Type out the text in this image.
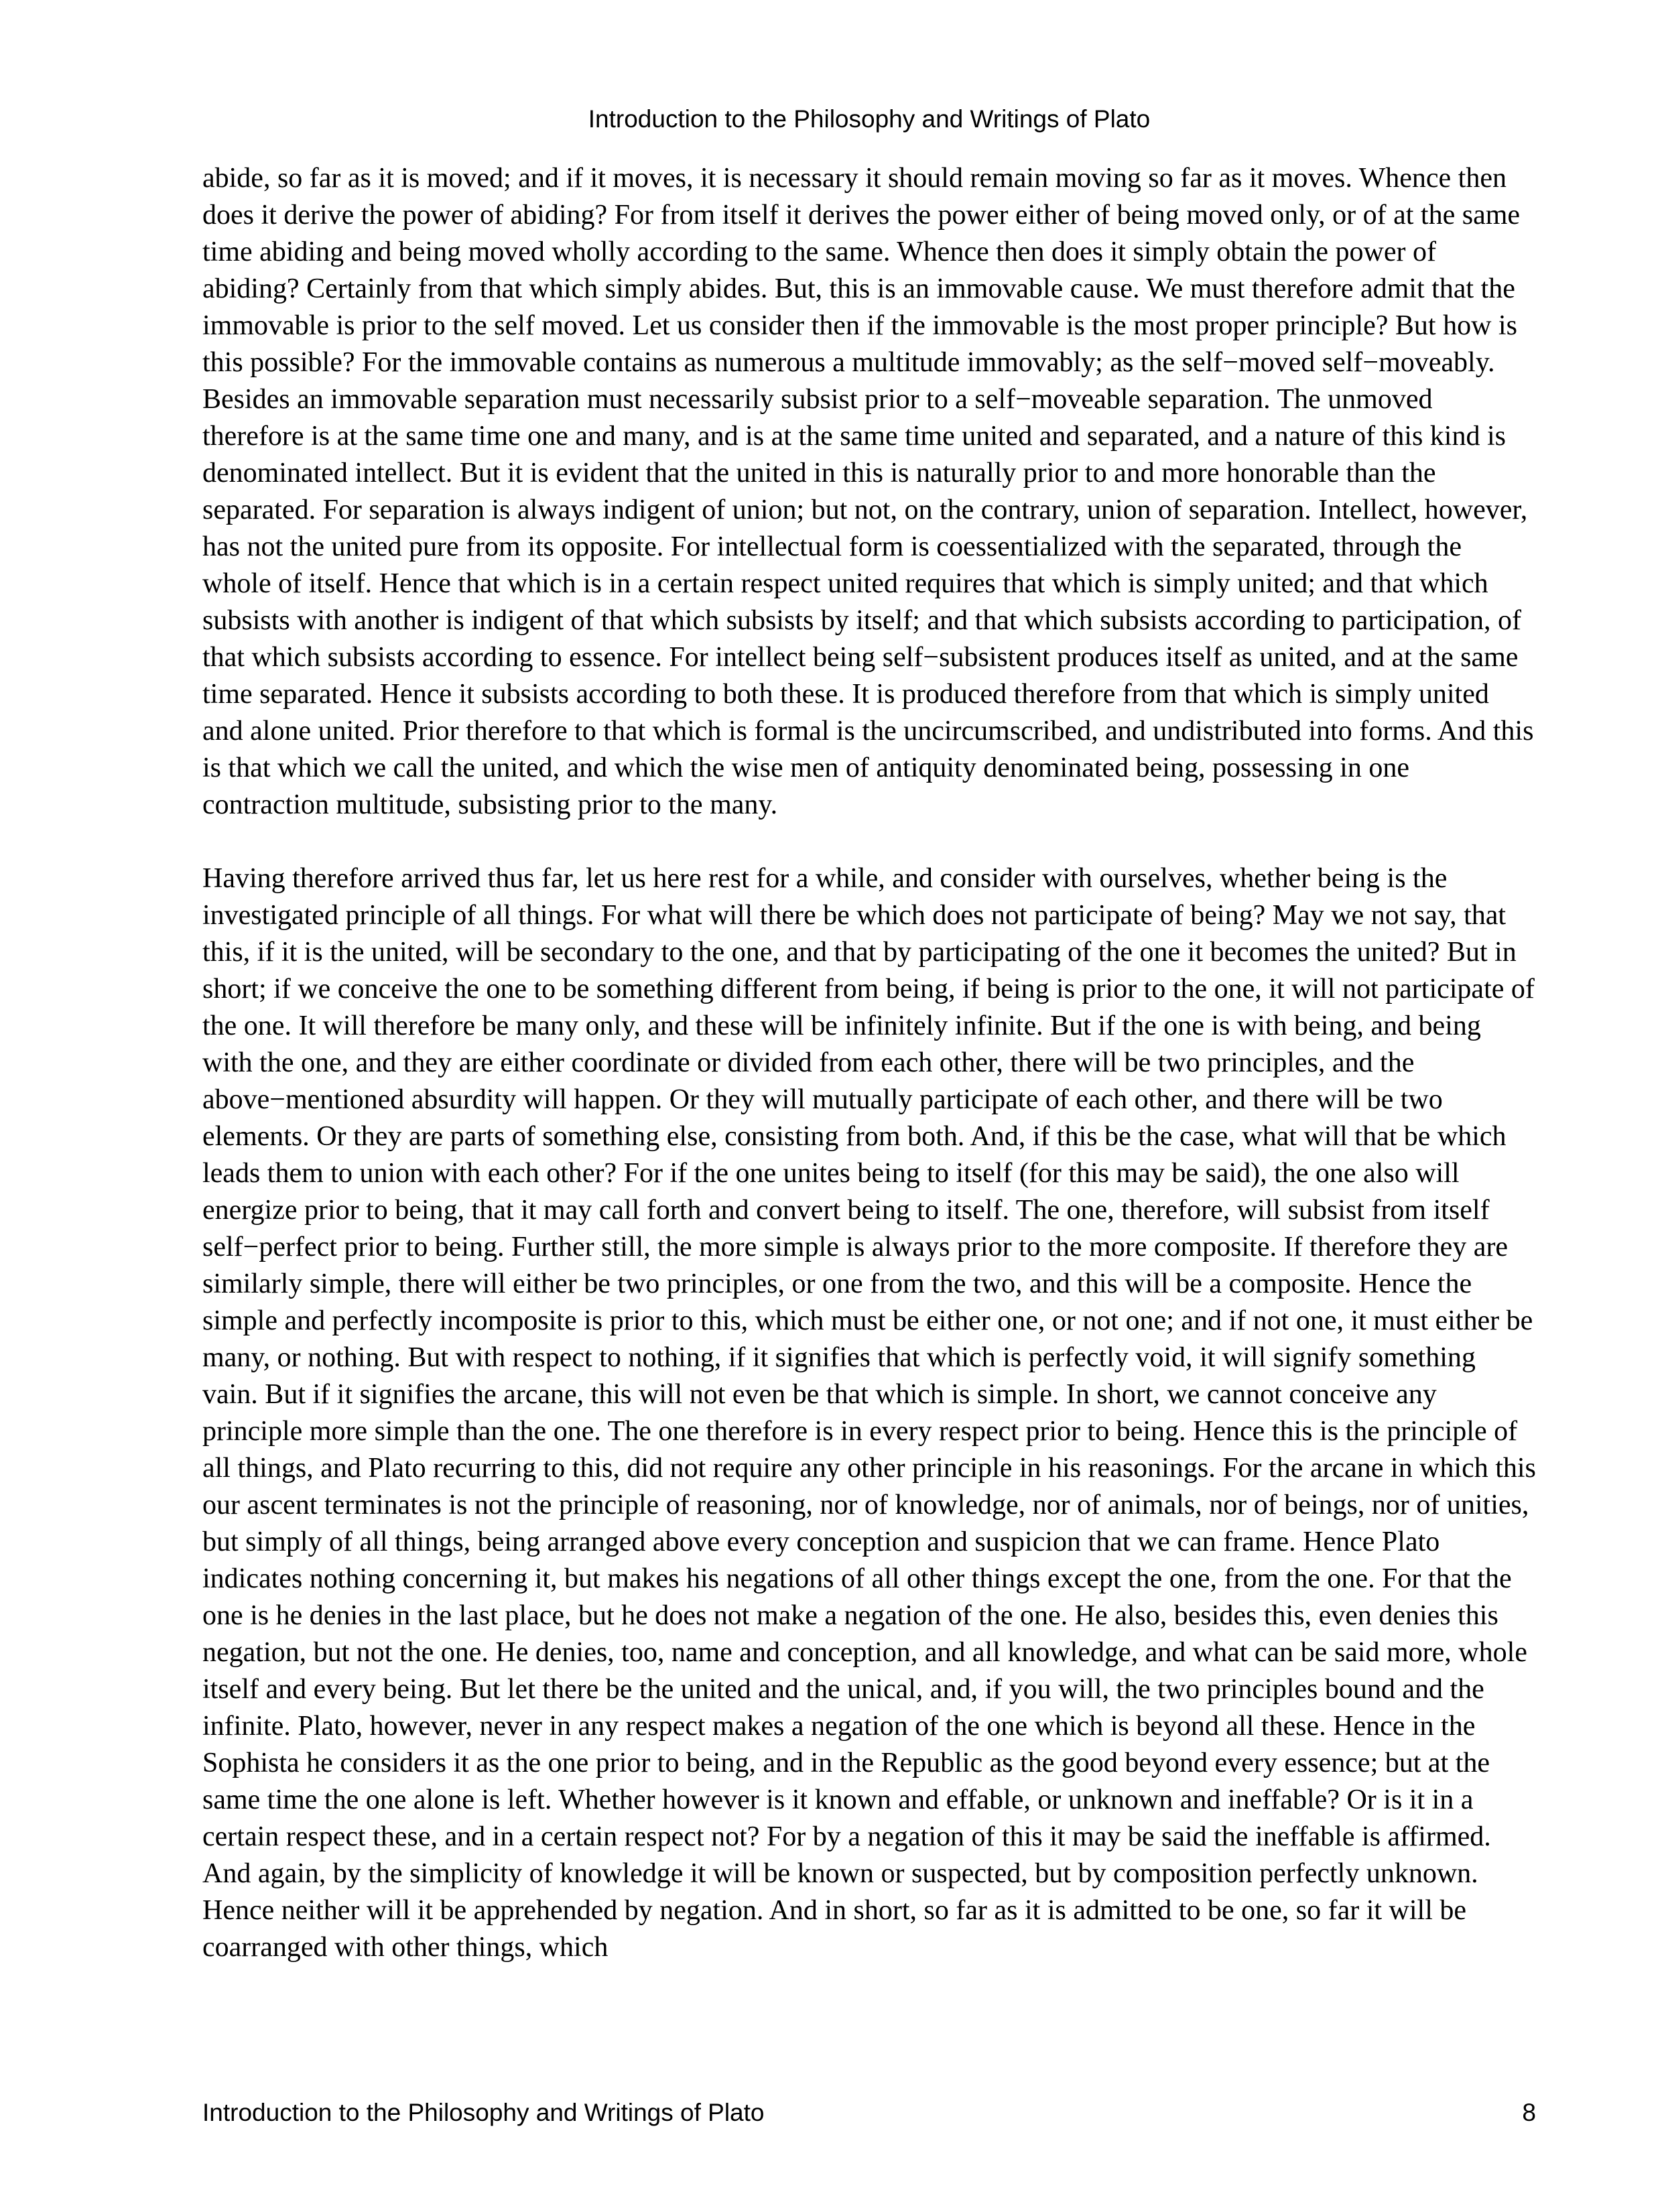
Introduction to the Philosophy and Writings of Plato

abide, so far as it is moved; and if it moves, it is necessary it should remain moving so far as it moves. Whence then does it derive the power of abiding? For from itself it derives the power either of being moved only, or of at the same time abiding and being moved wholly according to the same. Whence then does it simply obtain the power of abiding? Certainly from that which simply abides. But, this is an immovable cause. We must therefore admit that the immovable is prior to the self moved. Let us consider then if the immovable is the most proper principle? But how is this possible? For the immovable contains as numerous a multitude immovably; as the self−moved self−moveably. Besides an immovable separation must necessarily subsist prior to a self−moveable separation. The unmoved therefore is at the same time one and many, and is at the same time united and separated, and a nature of this kind is denominated intellect. But it is evident that the united in this is naturally prior to and more honorable than the separated. For separation is always indigent of union; but not, on the contrary, union of separation. Intellect, however, has not the united pure from its opposite. For intellectual form is coessentialized with the separated, through the whole of itself. Hence that which is in a certain respect united requires that which is simply united; and that which subsists with another is indigent of that which subsists by itself; and that which subsists according to participation, of that which subsists according to essence. For intellect being self−subsistent produces itself as united, and at the same time separated. Hence it subsists according to both these. It is produced therefore from that which is simply united and alone united. Prior therefore to that which is formal is the uncircumscribed, and undistributed into forms. And this is that which we call the united, and which the wise men of antiquity denominated being, possessing in one contraction multitude, subsisting prior to the many.

Having therefore arrived thus far, let us here rest for a while, and consider with ourselves, whether being is the investigated principle of all things. For what will there be which does not participate of being? May we not say, that this, if it is the united, will be secondary to the one, and that by participating of the one it becomes the united? But in short; if we conceive the one to be something different from being, if being is prior to the one, it will not participate of the one. It will therefore be many only, and these will be infinitely infinite. But if the one is with being, and being with the one, and they are either coordinate or divided from each other, there will be two principles, and the above−mentioned absurdity will happen. Or they will mutually participate of each other, and there will be two elements. Or they are parts of something else, consisting from both. And, if this be the case, what will that be which leads them to union with each other? For if the one unites being to itself (for this may be said), the one also will energize prior to being, that it may call forth and convert being to itself. The one, therefore, will subsist from itself self−perfect prior to being. Further still, the more simple is always prior to the more composite. If therefore they are similarly simple, there will either be two principles, or one from the two, and this will be a composite. Hence the simple and perfectly incomposite is prior to this, which must be either one, or not one; and if not one, it must either be many, or nothing. But with respect to nothing, if it signifies that which is perfectly void, it will signify something vain. But if it signifies the arcane, this will not even be that which is simple. In short, we cannot conceive any principle more simple than the one. The one therefore is in every respect prior to being. Hence this is the principle of all things, and Plato recurring to this, did not require any other principle in his reasonings. For the arcane in which this our ascent terminates is not the principle of reasoning, nor of knowledge, nor of animals, nor of beings, nor of unities, but simply of all things, being arranged above every conception and suspicion that we can frame. Hence Plato indicates nothing concerning it, but makes his negations of all other things except the one, from the one. For that the one is he denies in the last place, but he does not make a negation of the one. He also, besides this, even denies this negation, but not the one. He denies, too, name and conception, and all knowledge, and what can be said more, whole itself and every being. But let there be the united and the unical, and, if you will, the two principles bound and the infinite. Plato, however, never in any respect makes a negation of the one which is beyond all these. Hence in the Sophista he considers it as the one prior to being, and in the Republic as the good beyond every essence; but at the same time the one alone is left. Whether however is it known and effable, or unknown and ineffable? Or is it in a certain respect these, and in a certain respect not? For by a negation of this it may be said the ineffable is affirmed. And again, by the simplicity of knowledge it will be known or suspected, but by composition perfectly unknown. Hence neither will it be apprehended by negation. And in short, so far as it is admitted to be one, so far it will be coarranged with other things, which

Introduction to the Philosophy and Writings of Plato	8
